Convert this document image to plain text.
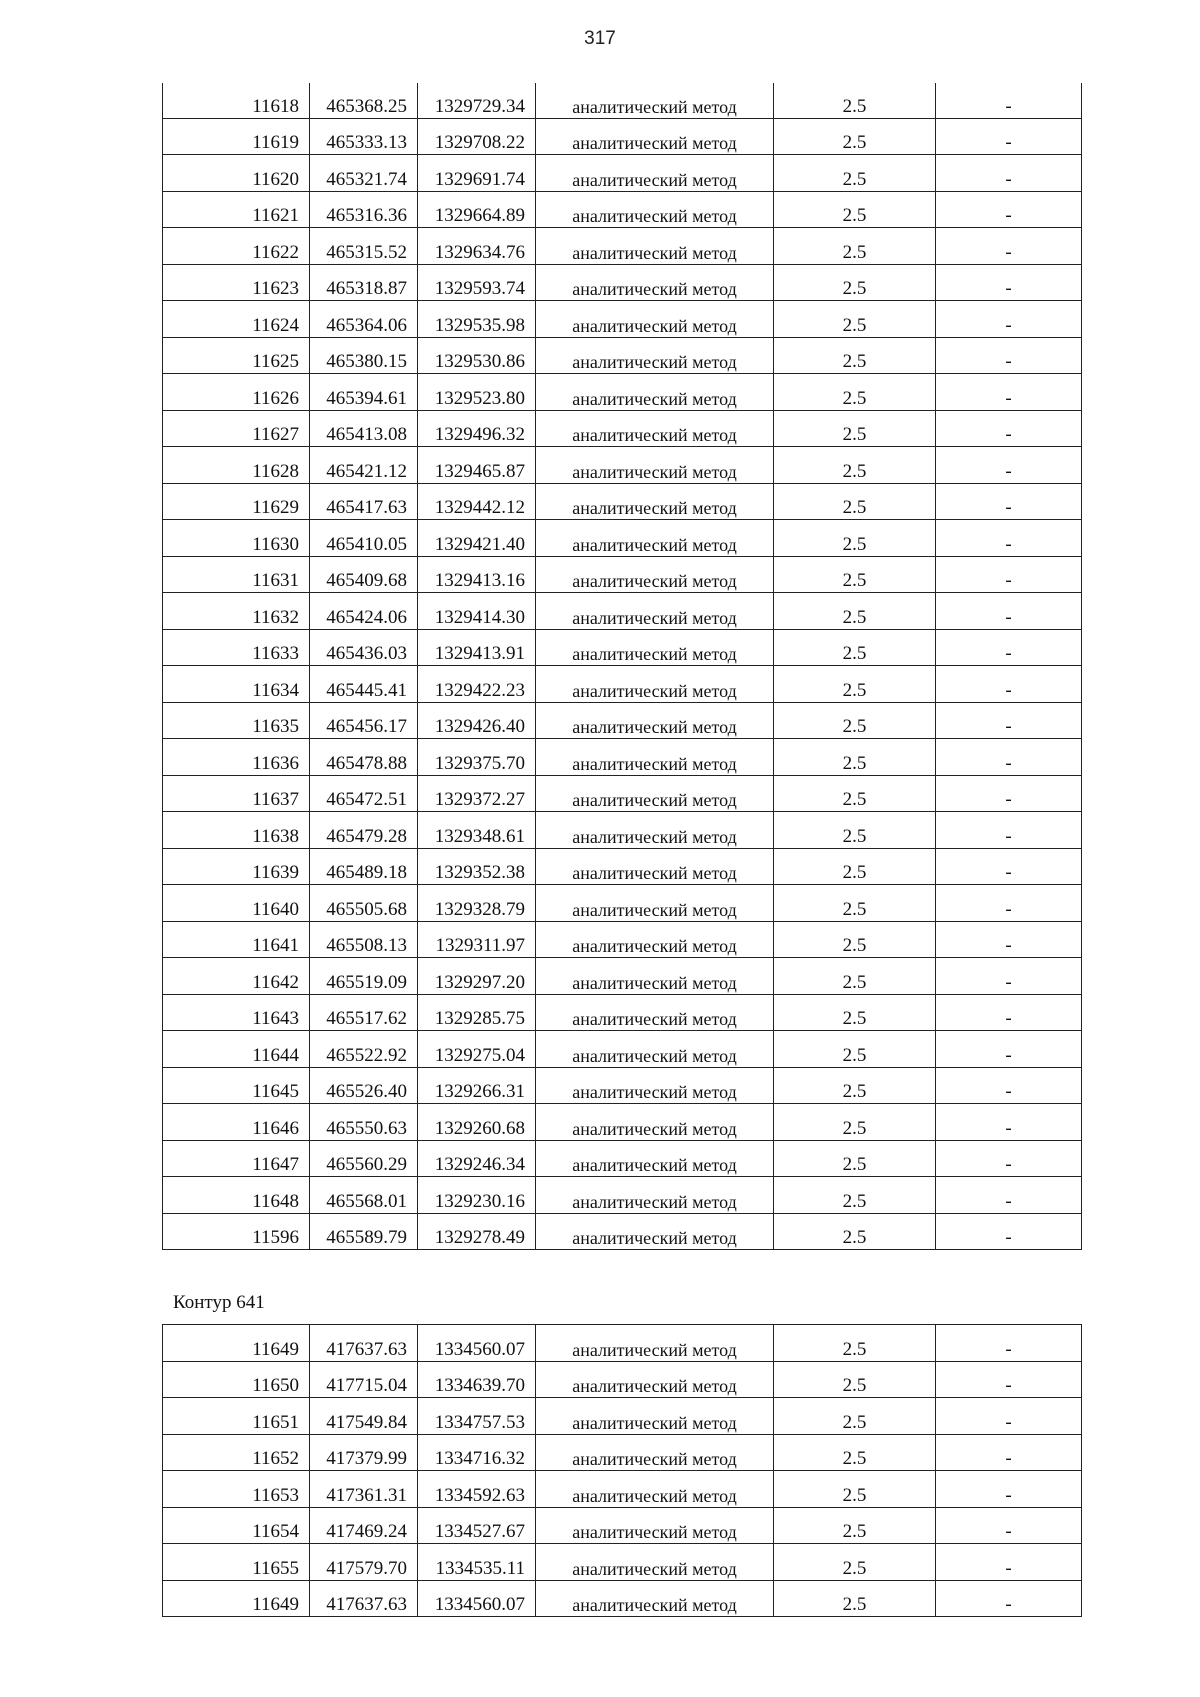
317
11618	465368.25	1329729.34	аналитический метод	2.5	-
11619	465333.13	1329708.22	аналитический метод	2.5	-
11620	465321.74	1329691.74	аналитический метод	2.5	-
11621	465316.36	1329664.89	аналитический метод	2.5	-
11622	465315.52	1329634.76	аналитический метод	2.5	-
11623	465318.87	1329593.74	аналитический метод	2.5	-
11624	465364.06	1329535.98	аналитический метод	2.5	-
11625	465380.15	1329530.86	аналитический метод	2.5	-
11626	465394.61	1329523.80	аналитический метод	2.5	-
11627	465413.08	1329496.32	аналитический метод	2.5	-
11628	465421.12	1329465.87	аналитический метод	2.5	-
11629	465417.63	1329442.12	аналитический метод	2.5	-
11630	465410.05	1329421.40	аналитический метод	2.5	-
11631	465409.68	1329413.16	аналитический метод	2.5	-
11632	465424.06	1329414.30	аналитический метод	2.5	-
11633	465436.03	1329413.91	аналитический метод	2.5	-
11634	465445.41	1329422.23	аналитический метод	2.5	-
11635	465456.17	1329426.40	аналитический метод	2.5	-
11636	465478.88	1329375.70	аналитический метод	2.5	-
11637	465472.51	1329372.27	аналитический метод	2.5	-
11638	465479.28	1329348.61	аналитический метод	2.5	-
11639	465489.18	1329352.38	аналитический метод	2.5	-
11640	465505.68	1329328.79	аналитический метод	2.5	-
11641	465508.13	1329311.97	аналитический метод	2.5	-
11642	465519.09	1329297.20	аналитический метод	2.5	-
11643	465517.62	1329285.75	аналитический метод	2.5	-
11644	465522.92	1329275.04	аналитический метод	2.5	-
11645	465526.40	1329266.31	аналитический метод	2.5	-
11646	465550.63	1329260.68	аналитический метод	2.5	-
11647	465560.29	1329246.34	аналитический метод	2.5	-
11648	465568.01	1329230.16	аналитический метод	2.5	-
11596	465589.79	1329278.49	аналитический метод	2.5	-
Контур 641
11649	417637.63	1334560.07	аналитический метод	2.5	-
11650	417715.04	1334639.70	аналитический метод	2.5	-
11651	417549.84	1334757.53	аналитический метод	2.5	-
11652	417379.99	1334716.32	аналитический метод	2.5	-
11653	417361.31	1334592.63	аналитический метод	2.5	-
11654	417469.24	1334527.67	аналитический метод	2.5	-
11655	417579.70	1334535.11	аналитический метод	2.5	-
11649	417637.63	1334560.07	аналитический метод	2.5	-
